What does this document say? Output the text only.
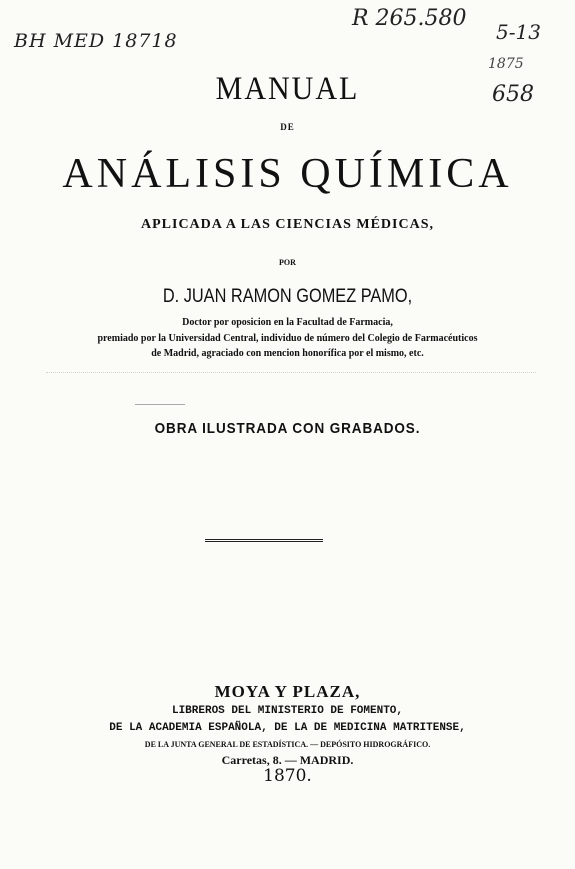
BH MED 18718
R 265.580
5-13
1875
658
MANUAL
DE
ANÁLISIS QUÍMICA
APLICADA A LAS CIENCIAS MÉDICAS,
POR
D. JUAN RAMON GOMEZ PAMO,
Doctor por oposicion en la Facultad de Farmacia,
premiado por la Universidad Central, individuo de número del Colegio de Farmacéuticos
de Madrid, agraciado con mencion honorífica por el mismo, etc.
OBRA ILUSTRADA CON GRABADOS.
MOYA Y PLAZA,
LIBREROS DEL MINISTERIO DE FOMENTO,
DE LA ACADEMIA ESPAÑOLA, DE LA DE MEDICINA MATRITENSE,
DE LA JUNTA GENERAL DE ESTADÍSTICA. — DEPÓSITO HIDROGRÁFICO.
Carretas, 8. — MADRID.
1870.
